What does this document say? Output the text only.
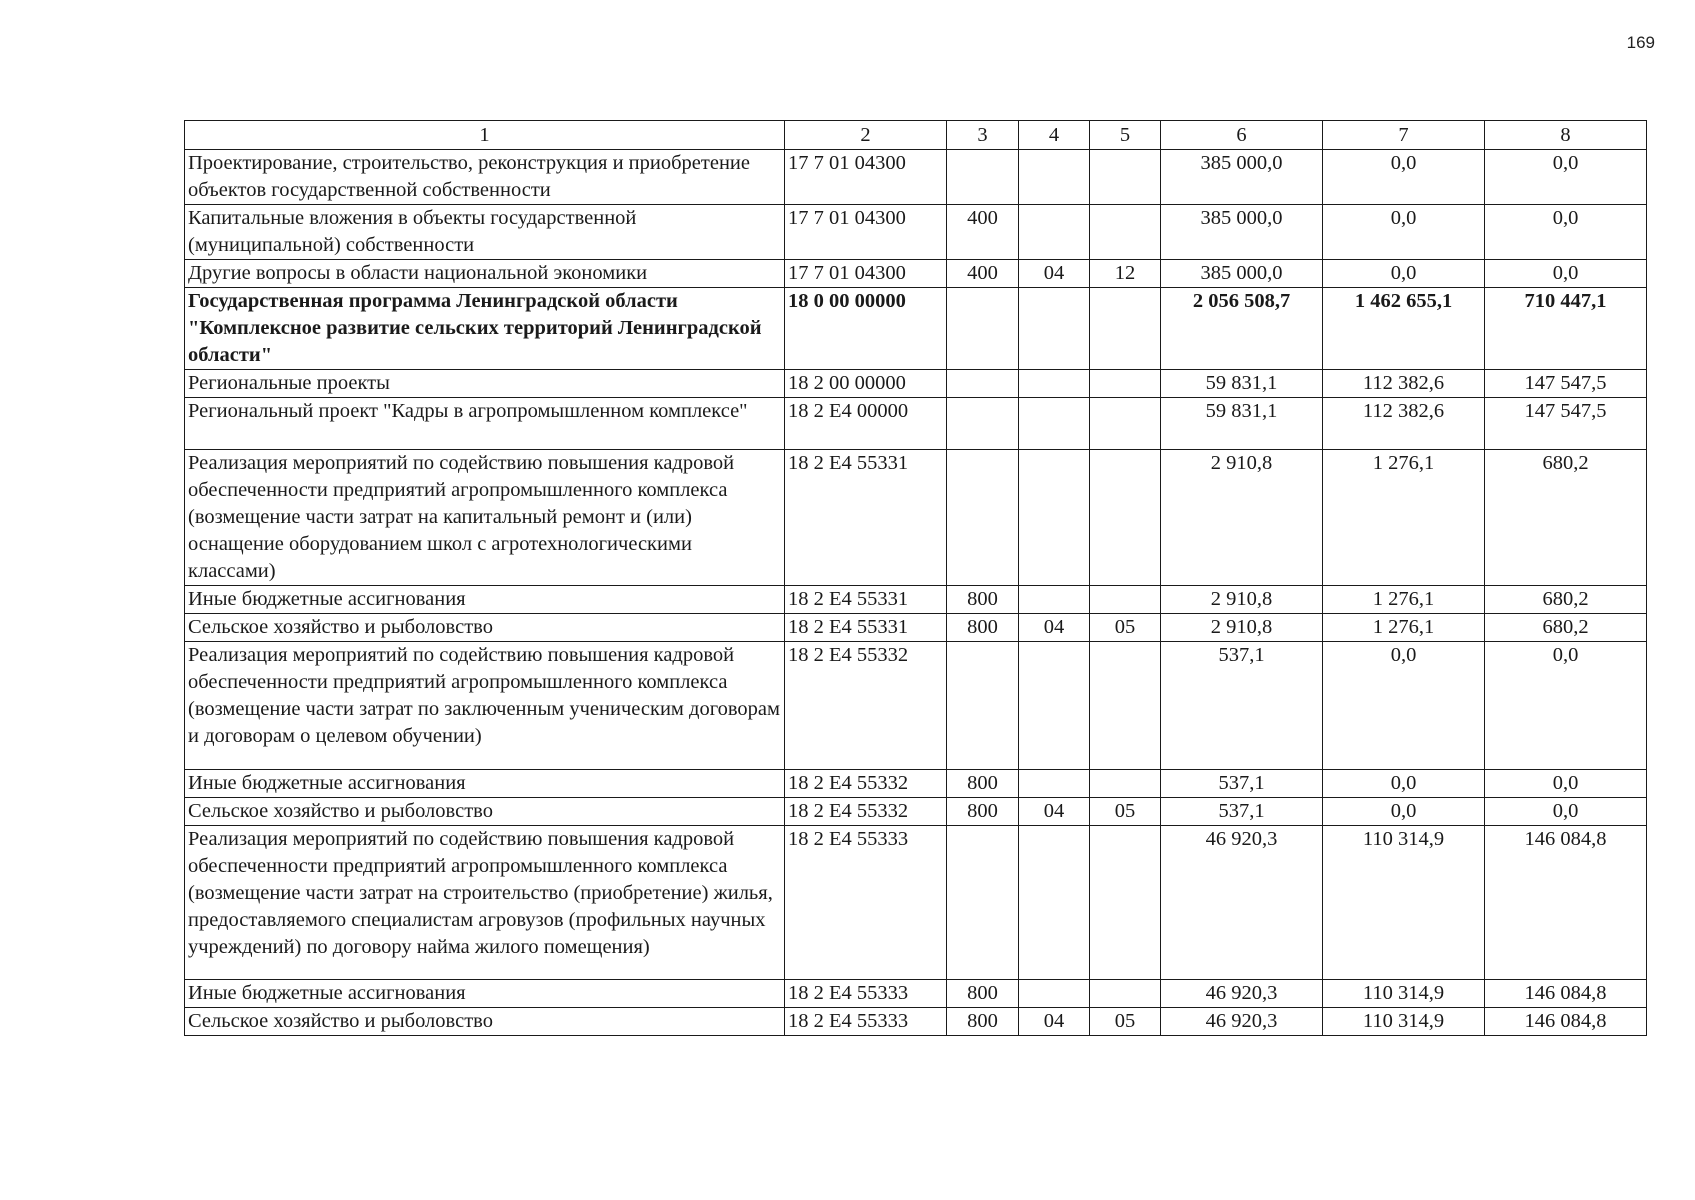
169
1	2	3	4	5	6	7	8
Проектирование, строительство, реконструкция и приобретение объектов государственной собственности	17 7 01 04300				385 000,0	0,0	0,0
Капитальные вложения в объекты государственной (муниципальной) собственности	17 7 01 04300	400			385 000,0	0,0	0,0
Другие вопросы в области национальной экономики	17 7 01 04300	400	04	12	385 000,0	0,0	0,0
Государственная программа Ленинградской области "Комплексное развитие сельских территорий Ленинградской области"	18 0 00 00000				2 056 508,7	1 462 655,1	710 447,1
Региональные проекты	18 2 00 00000				59 831,1	112 382,6	147 547,5
Региональный проект "Кадры в агропромышленном комплексе"	18 2 E4 00000				59 831,1	112 382,6	147 547,5
Реализация мероприятий по содействию повышения кадровой обеспеченности предприятий агропромышленного комплекса (возмещение части затрат на капитальный ремонт и (или) оснащение оборудованием школ с агротехнологическими классами)	18 2 E4 55331				2 910,8	1 276,1	680,2
Иные бюджетные ассигнования	18 2 E4 55331	800			2 910,8	1 276,1	680,2
Сельское хозяйство и рыболовство	18 2 E4 55331	800	04	05	2 910,8	1 276,1	680,2
Реализация мероприятий по содействию повышения кадровой обеспеченности предприятий агропромышленного комплекса (возмещение части затрат по заключенным ученическим договорам и договорам о целевом обучении)	18 2 E4 55332				537,1	0,0	0,0
Иные бюджетные ассигнования	18 2 E4 55332	800			537,1	0,0	0,0
Сельское хозяйство и рыболовство	18 2 E4 55332	800	04	05	537,1	0,0	0,0
Реализация мероприятий по содействию повышения кадровой обеспеченности предприятий агропромышленного комплекса (возмещение части затрат на строительство (приобретение) жилья, предоставляемого специалистам агровузов (профильных научных учреждений) по договору найма жилого помещения)	18 2 E4 55333				46 920,3	110 314,9	146 084,8
Иные бюджетные ассигнования	18 2 E4 55333	800			46 920,3	110 314,9	146 084,8
Сельское хозяйство и рыболовство	18 2 E4 55333	800	04	05	46 920,3	110 314,9	146 084,8
